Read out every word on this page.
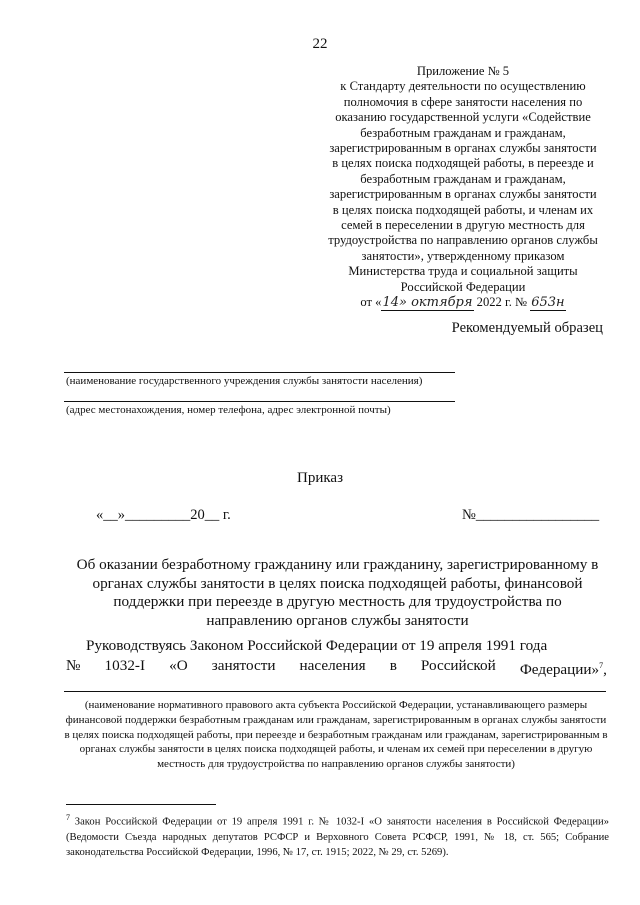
22
Приложение № 5
к Стандарту деятельности по осуществлению
полномочия в сфере занятости населения по
оказанию государственной услуги «Содействие
безработным гражданам и гражданам,
зарегистрированным в органах службы занятости
в целях поиска подходящей работы, в переезде и
безработным гражданам и гражданам,
зарегистрированным в органах службы занятости
в целях поиска подходящей работы, и членам их
семей в переселении в другую местность для
трудоустройства по направлению органов службы
занятости», утвержденному приказом
Министерства труда и социальной защиты
Российской Федерации
от «14» октября 2022 г. № 653н
Рекомендуемый образец
(наименование государственного учреждения службы занятости населения)
(адрес местонахождения, номер телефона, адрес электронной почты)
Приказ
«__»_________20__ г.	№_________________
Об оказании безработному гражданину или гражданину, зарегистрированному в органах службы занятости в целях поиска подходящей работы, финансовой поддержки при переезде в другую местность для трудоустройства по направлению органов службы занятости
Руководствуясь Законом Российской Федерации от 19 апреля 1991 года
№ 1032-I «О занятости населения в Российской Федерации»$^7$,
(наименование нормативного правового акта субъекта Российской Федерации, устанавливающего размеры финансовой поддержки безработным гражданам или гражданам, зарегистрированным в органах службы занятости в целях поиска подходящей работы, при переезде и безработным гражданам или гражданам, зарегистрированным в органах службы занятости в целях поиска подходящей работы, и членам их семей при переселении в другую местность для трудоустройства по направлению органов службы занятости)
$^7$ Закон Российской Федерации от 19 апреля 1991 г. № 1032-I «О занятости населения в Российской Федерации» (Ведомости Съезда народных депутатов РСФСР и Верховного Совета РСФСР, 1991, № 18, ст. 565; Собрание законодательства Российской Федерации, 1996, № 17, ст. 1915; 2022, № 29, ст. 5269).
